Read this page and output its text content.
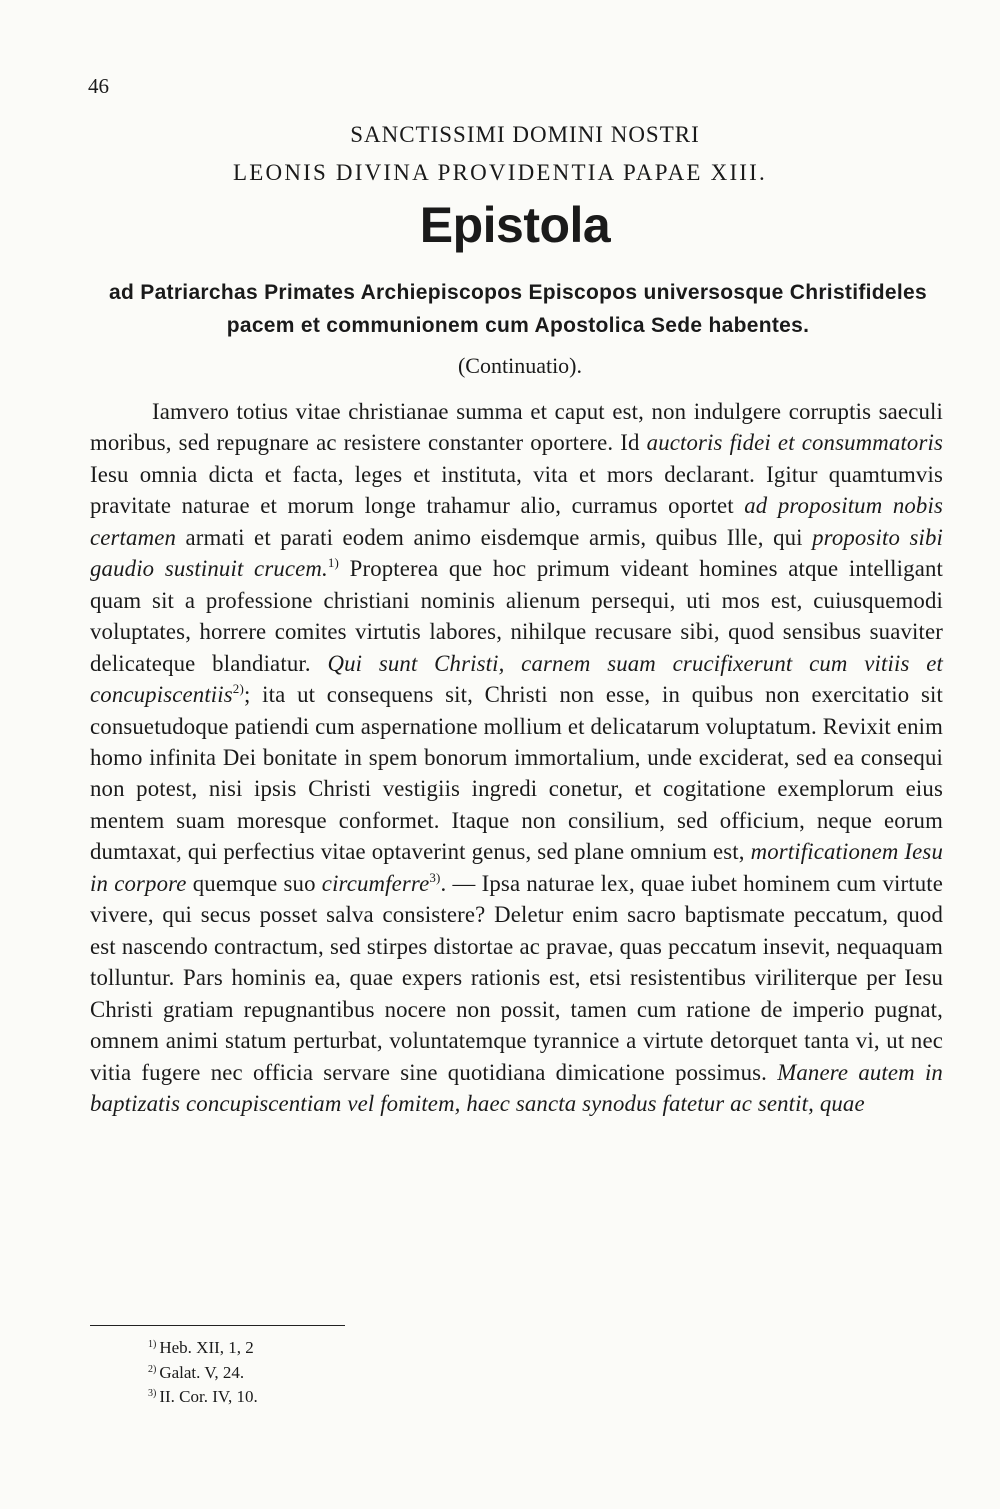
46
SANCTISSIMI DOMINI NOSTRI
LEONIS DIVINA PROVIDENTIA PAPAE XIII.
Epistola
ad Patriarchas Primates Archiepiscopos Episcopos universosque Christifideles pacem et communionem cum Apostolica Sede habentes.
(Continuatio).

Iamvero totius vitae christianae summa et caput est, non indulgere corruptis saeculi moribus, sed repugnare ac resistere constanter oportere. Id auctoris fidei et consummatoris Iesu omnia dicta et facta, leges et instituta, vita et mors declarant. Igitur quamtumvis pravitate naturae et morum longe trahamur alio, curramus oportet ad propositum nobis certamen armati et parati eodem animo eisdemque armis, quibus Ille, qui proposito sibi gaudio sustinuit crucem.$^{1)}$ Propterea que hoc primum videant homines atque intelligant quam sit a professione christiani nominis alienum persequi, uti mos est, cuiusquemodi voluptates, horrere comites virtutis labores, nihilque recusare sibi, quod sensibus suaviter delicateque blandiatur. Qui sunt Christi, carnem suam crucifixerunt cum vitiis et concupiscentiis$^{2)}$; ita ut consequens sit, Christi non esse, in quibus non exercitatio sit consuetudoque patiendi cum aspernatione mollium et delicatarum voluptatum. Revixit enim homo infinita Dei bonitate in spem bonorum immortalium, unde exciderat, sed ea consequi non potest, nisi ipsis Christi vestigiis ingredi conetur, et cogitatione exemplorum eius mentem suam moresque conformet. Itaque non consilium, sed officium, neque eorum dumtaxat, qui perfectius vitae optaverint genus, sed plane omnium est, mortificationem Iesu in corpore quemque suo circumferre$^{3)}$. — Ipsa naturae lex, quae iubet hominem cum virtute vivere, qui secus posset salva consistere? Deletur enim sacro baptismate peccatum, quod est nascendo contractum, sed stirpes distortae ac pravae, quas peccatum insevit, nequaquam tolluntur. Pars hominis ea, quae expers rationis est, etsi resistentibus viriliterque per Iesu Christi gratiam repugnantibus nocere non possit, tamen cum ratione de imperio pugnat, omnem animi statum perturbat, voluntatemque tyrannice a virtute detorquet tanta vi, ut nec vitia fugere nec officia servare sine quotidiana dimicatione possimus. Manere autem in baptizatis concupiscentiam vel fomitem, haec sancta synodus fatetur ac sentit, quae

$^{1)}$ Heb. XII, 1, 2
$^{2)}$ Galat. V, 24.
$^{3)}$ II. Cor. IV, 10.
